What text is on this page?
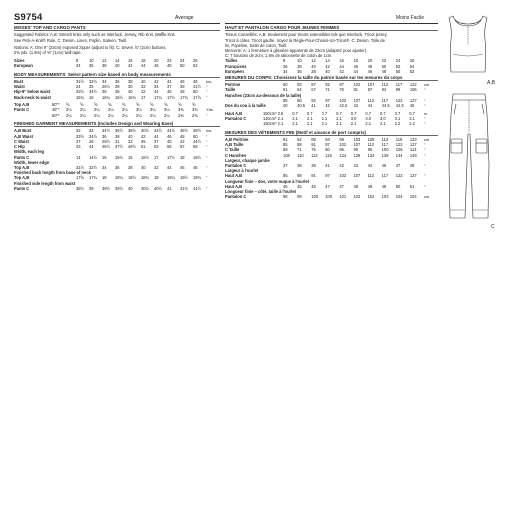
S9754	Average	Moins Facile
MISSES' TOP AND CARGO PANTS
Suggested Fabrics: A,B: Stretch knits only such as Interlock, Jersey, Rib Knit, Waffle Knit.
See Pick-A-Knit® Rule. C: Denim, Linen, Poplin, Sateen, Twill.
Notions: A: One 9" (23cm) exposed zipper (adjust to fit). C: Seven ⅞" (2cm) buttons,
2⅜ yds. (1.9m) of ⅜" (1cm) twill tape.
Sizes	8	10	12	14	16	18	20	22	24	26	
European	34	36	38	40	42	44	46	48	50	52	
BODY MEASUREMENTS: Select pattern size based on body measurements
Bust	31½	32½	34	36	38	40	42	44	46	48	Ins.
Waist	24	25	26½	28	30	32	34	37	39	41½	"
Hip-9" below waist	33½	34½	36	38	40	42	44	46	48	50	"
Back-neck to waist	15¾	16	16¼	16½	16¾	17	17¼	17½	17¾	17⅞	"
Top A,B	60"*	⅝	⅝	⅝	⅝	⅝	⅝	⅝	⅝	⅝	⅝	
Pants C	45"*	2¼	2¼	2¼	2¼	2¼	3¼	3¼	3¼	3⅜	3⅜	Yds.
	60"*	2¼	2¼	2¼	2¼	2¼	2¼	2¼	2¼	2⅜	2⅜	"
FINISHED GARMENT MEASUREMENTS (Includes Design and Wearing Ease)
A,B Bust	32	33	34½	36½	38½	40½	42½	44½	46½	48½	Ins.
A,B Waist	33½	34½	36	38	40	42	44	46	48	50	"
C Waist	27	28	29½	31	33	35	37	40	42	44½	"
C Hip	43	44	45½	47½	49½	51	53	55	57	59	"
Width, each leg											
Pants C	14	14½	15	15½	16	16½	17	17½	18	18½	"
Width, lower edge											
Top A,B	31½	32½	34	36	38	40	42	44	46	48	"
Finished back length from base of neck											
Top A,B	17⅝	17¾	18	18¼	18½	18¾	19	19¼	19½	19¾	"
Finished side length from waist											
Pants C	38½	39	39½	39½	40	40½	40½	41	41½	41½	"
HAUT ET PANTALON CARGO POUR JEUNES FEMMES
Tissus Conseillés: A,B: Seulement pour tricots extensibles tels que Interlock, Tricot jersey,
Tricot à côtes, Tricot gaufre. Voyez la Règle-Pour-Choisir-Un-Tricot®. C: Denim, Toile de
lin, Popeline, Satin de coton, Twill.
Mercerie: A: 1 fermeture à glissière apparente de 23cm (adaptez pour ajuster).
C: 7 boutons de 2cm, 1,9m de tailonnette de coton de 1cm.
Tailles	8	10	12	14	16	18	20	22	24	26	
Françaises	36	38	40	42	44	46	48	50	52	54	
Européen	34	36	38	40	42	44	46	48	50	52	
MESURES DU CORPS: Choisissez la taille du patron basée sur les mesures du corps
Poitrine	80	83	87	92	97	102	107	112	117	122	cm
Taille	61	64	67	71	76	81	87	94	99	106	"
Hanches (23cm au-dessous de la taille)											
	85	88	92	97	102	107	112	117	122	127	"
Dos du cou à la taille	40	40.5	41	42	42.5	43	44	44.5	44.5	45	"
Haut A,B	150cm*	0.6	0.7	0.7	0.7	0.7	0.7	0.7	0.7	0.7	0.7	m
Pantalon C	115cm*	2.1	2.1	2.1	2.1	2.1	3.0	3.0	3.0	3.1	3.1	"
	150cm*	2.1	2.1	2.1	2.1	2.1	2.1	2.1	2.1	2.2	2.2	"
MESURES DES VÊTEMENTS FINI (Motif et aisance de port compris)
A,B Poitrine	81	84	88	93	98	103	108	113	118	123	cm
A,B Taille	85	88	91	97	102	107	112	117	122	127	"
C Taille	69	71	75	80	85	90	95	100	106	113	"
C Hanches	108	110	114	119	124	129	134	139	144	149	"
Largeur, chaque jambe											
Pantalon C	37	38	39	41	42	43	44	46	47	48	"
Largeur à l'ourlet											
Haut A,B	85	88	91	97	102	107	112	117	122	127	"
Longueur finie – dos, votre nuque à l'ourlet											
Haut A,B	45	45	46	47	47	48	49	49	50	51	"
Longueur finie – côté, taille à l'ourlet											
Pantalon C	98	99	100	100	101	102	102	103	104	104	cm
A,B
C
